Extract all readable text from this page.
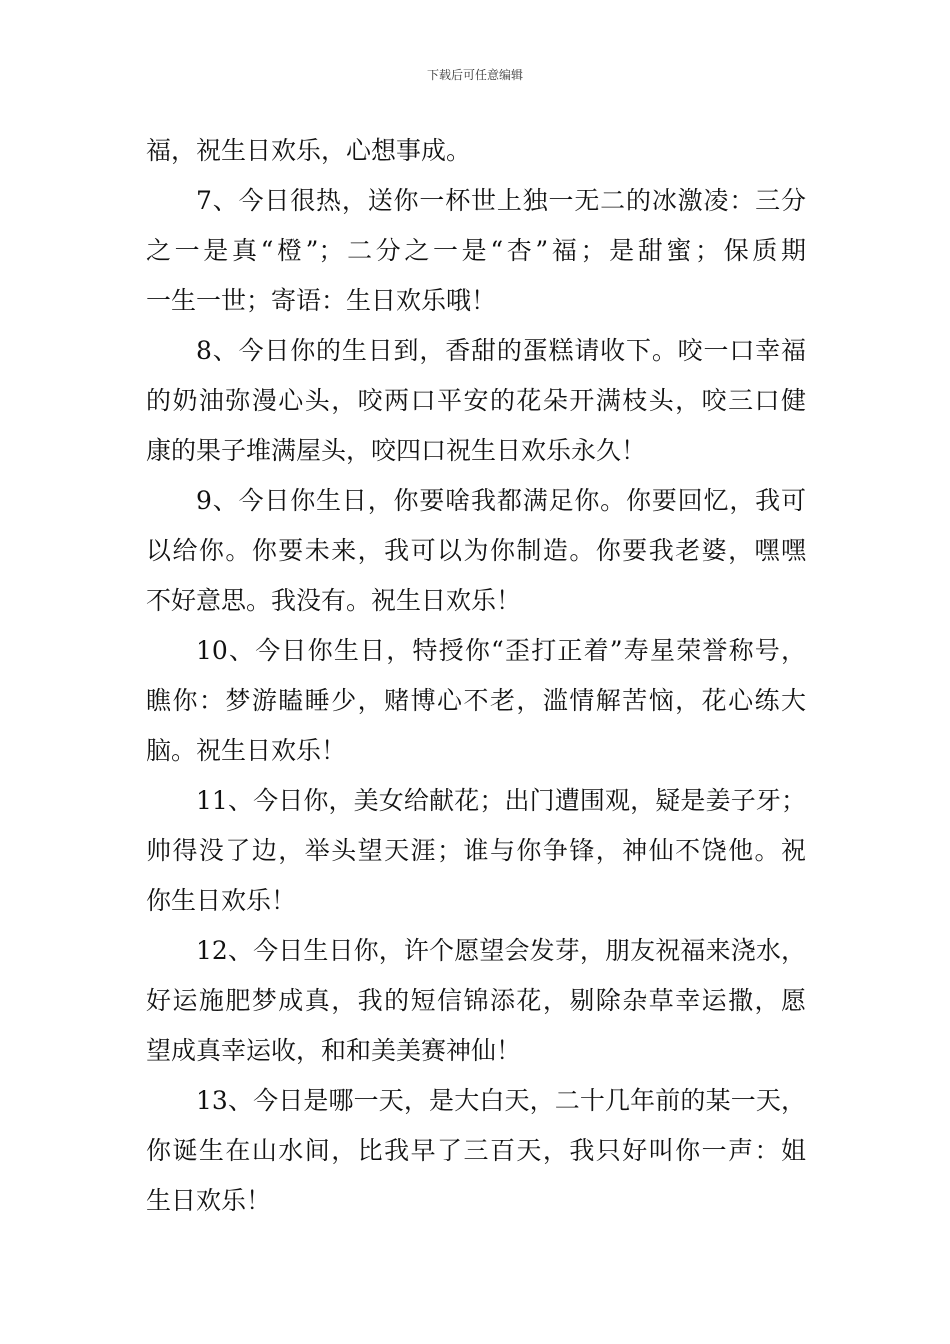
下载后可任意编辑
福，祝生日欢乐，心想事成。
7、今日很热，送你一杯世上独一无二的冰激凌：三分
之一是真“橙”；二分之一是“杏”福；是甜蜜；保质期
一生一世；寄语：生日欢乐哦！
8、今日你的生日到，香甜的蛋糕请收下。咬一口幸福
的奶油弥漫心头，咬两口平安的花朵开满枝头，咬三口健
康的果子堆满屋头，咬四口祝生日欢乐永久！
9、今日你生日，你要啥我都满足你。你要回忆，我可
以给你。你要未来，我可以为你制造。你要我老婆，嘿嘿
不好意思。我没有。祝生日欢乐！
10、今日你生日，特授你“歪打正着”寿星荣誉称号，
瞧你：梦游瞌睡少，赌博心不老，滥情解苦恼，花心练大
脑。祝生日欢乐！
11、今日你，美女给献花；出门遭围观，疑是姜子牙；
帅得没了边，举头望天涯；谁与你争锋，神仙不饶他。祝
你生日欢乐！
12、今日生日你，许个愿望会发芽，朋友祝福来浇水，
好运施肥梦成真，我的短信锦添花，剔除杂草幸运撒，愿
望成真幸运收，和和美美赛神仙！
13、今日是哪一天，是大白天，二十几年前的某一天，
你诞生在山水间，比我早了三百天，我只好叫你一声：姐
生日欢乐！
